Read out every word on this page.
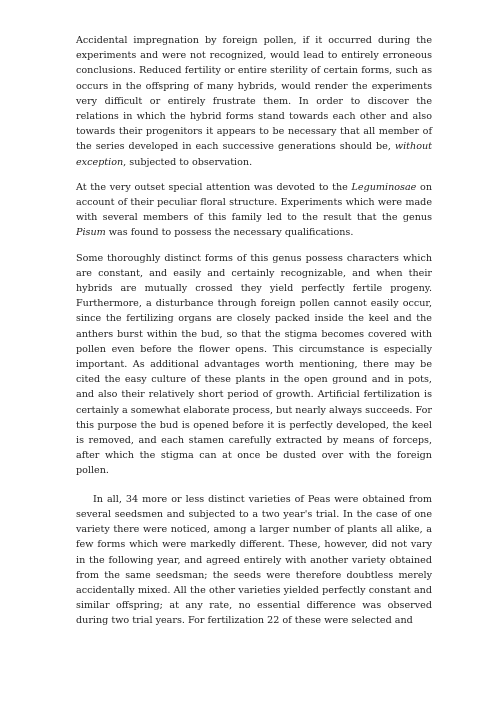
Accidental impregnation by foreign pollen, if it occurred during the experiments and were not recognized, would lead to entirely erroneous conclusions. Reduced fertility or entire sterility of certain forms, such as occurs in the offspring of many hybrids, would render the experiments very difficult or entirely frustrate them. In order to discover the relations in which the hybrid forms stand towards each other and also towards their progenitors it appears to be necessary that all member of the series developed in each successive generations should be, without exception, subjected to observation.

At the very outset special attention was devoted to the Leguminosae on account of their peculiar floral structure. Experiments which were made with several members of this family led to the result that the genus Pisum was found to possess the necessary qualifications.

Some thoroughly distinct forms of this genus possess characters which are constant, and easily and certainly recognizable, and when their hybrids are mutually crossed they yield perfectly fertile progeny. Furthermore, a disturbance through foreign pollen cannot easily occur, since the fertilizing organs are closely packed inside the keel and the anthers burst within the bud, so that the stigma becomes covered with pollen even before the flower opens. This circumstance is especially important. As additional advantages worth mentioning, there may be cited the easy culture of these plants in the open ground and in pots, and also their relatively short period of growth. Artificial fertilization is certainly a somewhat elaborate process, but nearly always succeeds. For this purpose the bud is opened before it is perfectly developed, the keel is removed, and each stamen carefully extracted by means of forceps, after which the stigma can at once be dusted over with the foreign pollen.

In all, 34 more or less distinct varieties of Peas were obtained from several seedsmen and subjected to a two year's trial. In the case of one variety there were noticed, among a larger number of plants all alike, a few forms which were markedly different. These, however, did not vary in the following year, and agreed entirely with another variety obtained from the same seedsman; the seeds were therefore doubtless merely accidentally mixed. All the other varieties yielded perfectly constant and similar offspring; at any rate, no essential difference was observed during two trial years. For fertilization 22 of these were selected and
